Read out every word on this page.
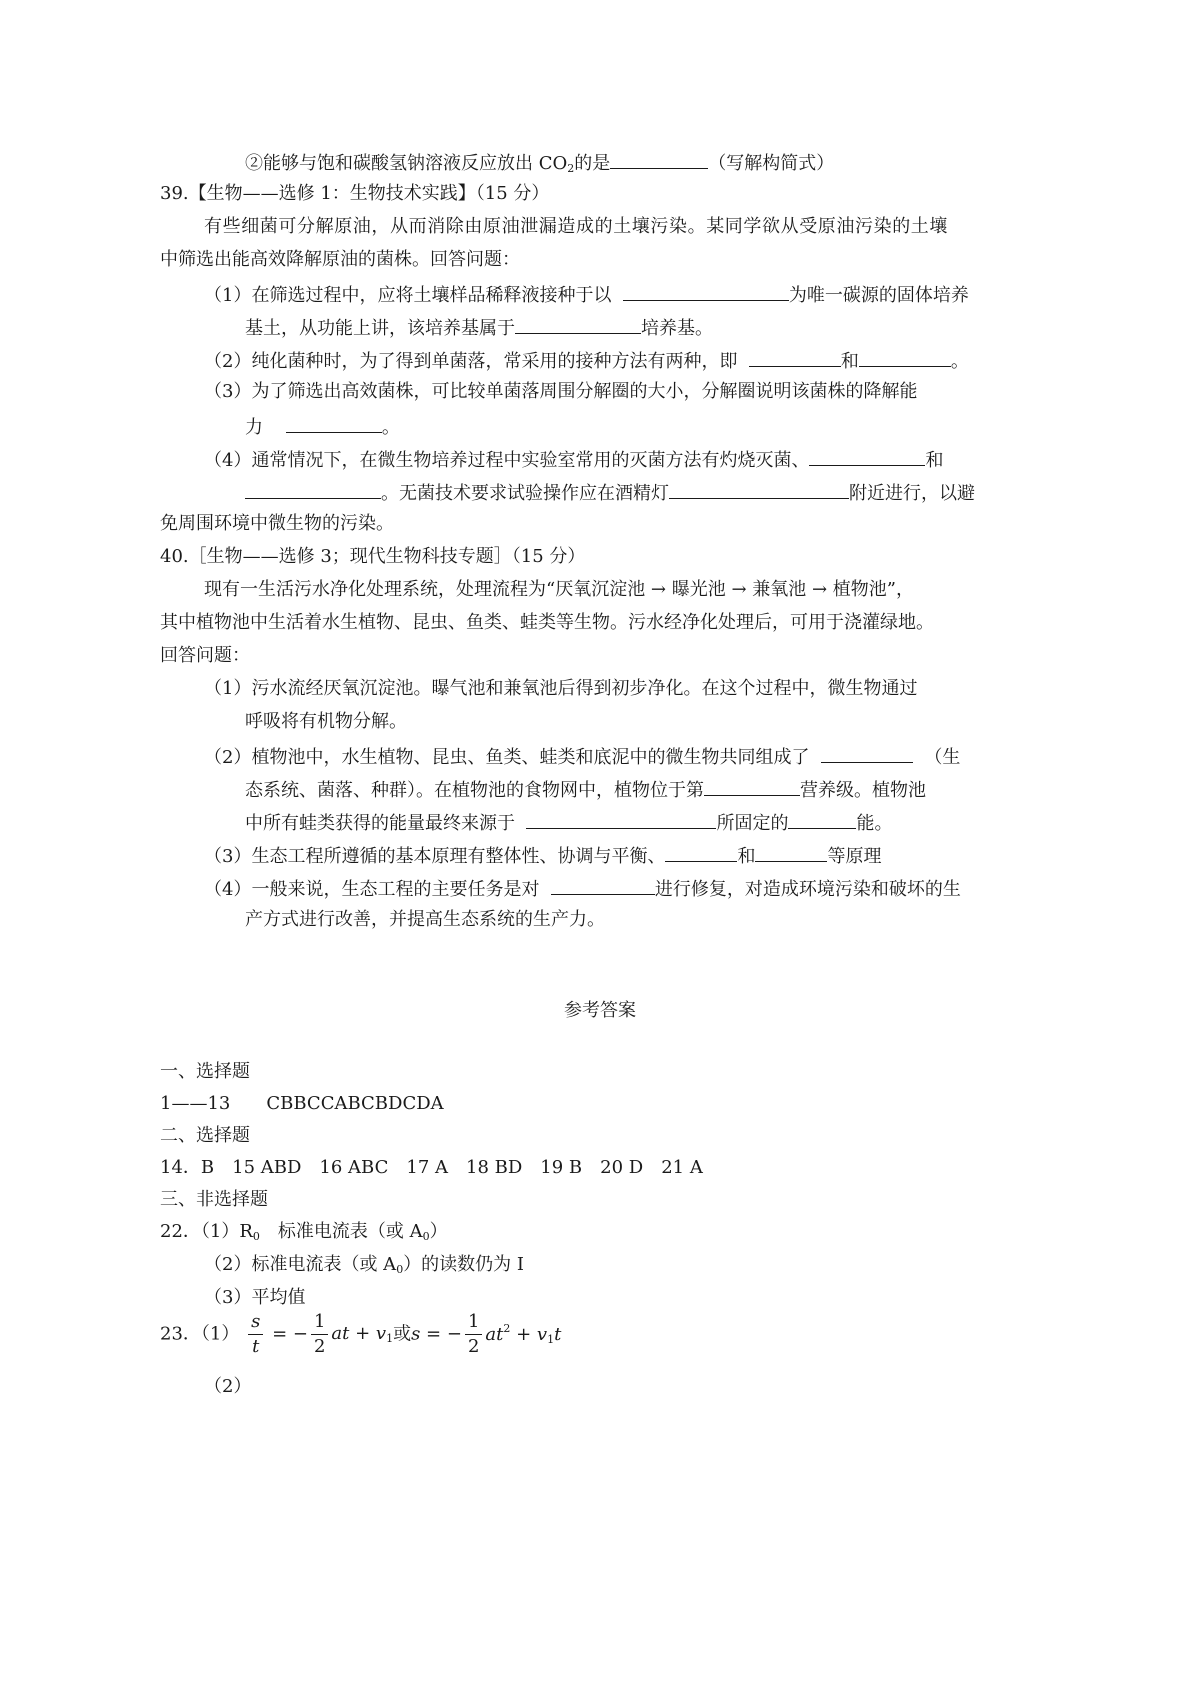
②能够与饱和碳酸氢钠溶液反应放出 $CO_2$的是	（写解构简式）
39.【生物——选修 1：生物技术实践】（15 分）
有些细菌可分解原油，从而消除由原油泄漏造成的土壤污染。某同学欲从受原油污染的土壤
中筛选出能高效降解原油的菌株。回答问题：
（1）在筛选过程中，应将土壤样品稀释液接种于以	为唯一碳源的固体培养
基土，从功能上讲，该培养基属于	培养基。
（2）纯化菌种时，为了得到单菌落，常采用的接种方法有两种，即	和	。
（3）为了筛选出高效菌株，可比较单菌落周围分解圈的大小，分解圈说明该菌株的降解能
力	。
（4）通常情况下，在微生物培养过程中实验室常用的灭菌方法有灼烧灭菌、	和
。无菌技术要求试验操作应在酒精灯	附近进行，以避
免周围环境中微生物的污染。
40.［生物——选修 3；现代生物科技专题］（15 分）
现有一生活污水净化处理系统，处理流程为“厌氧沉淀池 → 曝光池 → 兼氧池 → 植物池”，
其中植物池中生活着水生植物、昆虫、鱼类、蛙类等生物。污水经净化处理后，可用于浇灌绿地。
回答问题：
（1）污水流经厌氧沉淀池。曝气池和兼氧池后得到初步净化。在这个过程中，微生物通过
呼吸将有机物分解。
（2）植物池中，水生植物、昆虫、鱼类、蛙类和底泥中的微生物共同组成了	（生
态系统、菌落、种群）。在植物池的食物网中，植物位于第	营养级。植物池
中所有蛙类获得的能量最终来源于	所固定的	能。
（3）生态工程所遵循的基本原理有整体性、协调与平衡、	和	等原理
（4）一般来说，生态工程的主要任务是对	进行修复，对造成环境污染和破坏的生
产方式进行改善，并提高生态系统的生产力。
参考答案
一、选择题
1——13　　CBBCCABCBDCDA
二、选择题
14．B　15 ABD　16 ABC　17 A　18 BD　19 B　20 D　21 A
三、非选择题
22．$(1)R_0$　标准电流表（或 $A_0$）
（2）标准电流表（或 $A_0$）的读数仍为 I
（3）平均值
23．$(1) \frac{s}{t}$ = − $\frac{1}{2}$ at + $v_1$或s = − $\frac{1}{2} at^2 + v_1t$
（2）
